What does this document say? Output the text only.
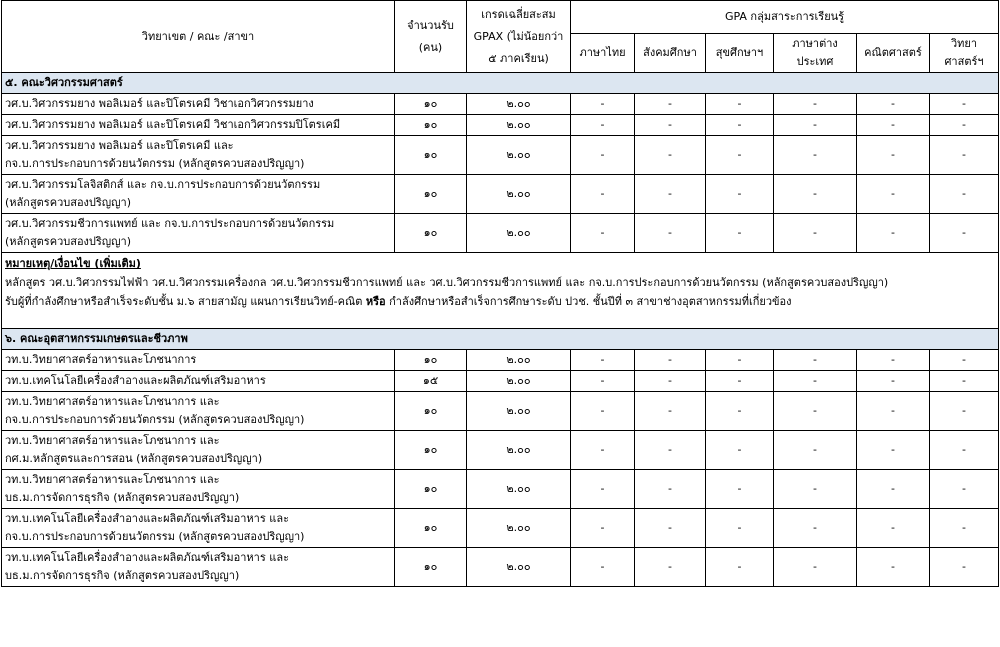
วิทยาเขต / คณะ /สาขา	จำนวนรับ (คน)	เกรดเฉลี่ยสะสม GPAX (ไม่น้อยกว่า ๕ ภาคเรียน)	GPA กลุ่มสาระการเรียนรู้					
			ภาษาไทย	สังคมศึกษา	สุขศึกษาฯ	ภาษาต่างประเทศ	คณิตศาสตร์	วิทยาศาสตร์ฯ
๕. คณะวิศวกรรมศาสตร์								

วศ.บ.วิศวกรรมยาง พอลิเมอร์ และปิโตรเคมี วิชาเอกวิศวกรรมยาง	๑๐	๒.๐๐	-	-	-	-	-	-

วศ.บ.วิศวกรรมยาง พอลิเมอร์ และปิโตรเคมี วิชาเอกวิศวกรรมปิโตรเคมี	๑๐	๒.๐๐	-	-	-	-	-	-

วศ.บ.วิศวกรรมยาง พอลิเมอร์ และปิโตรเคมี และ
กจ.บ.การประกอบการด้วยนวัตกรรม (หลักสูตรควบสองปริญญา)	๑๐	๒.๐๐	-	-	-	-	-	-

วศ.บ.วิศวกรรมโลจิสติกส์ และ กจ.บ.การประกอบการด้วยนวัตกรรม
(หลักสูตรควบสองปริญญา)	๑๐	๒.๐๐	-	-	-	-	-	-

วศ.บ.วิศวกรรมชีวการแพทย์ และ กจ.บ.การประกอบการด้วยนวัตกรรม
(หลักสูตรควบสองปริญญา)	๑๐	๒.๐๐	-	-	-	-	-	-

หมายเหตุ/เงื่อนไข (เพิ่มเติม)
หลักสูตร วศ.บ.วิศวกรรมไฟฟ้า วศ.บ.วิศวกรรมเครื่องกล วศ.บ.วิศวกรรมชีวการแพทย์ และ วศ.บ.วิศวกรรมชีวการแพทย์ และ กจ.บ.การประกอบการด้วยนวัตกรรม (หลักสูตรควบสองปริญญา)
รับผู้ที่กำลังศึกษาหรือสำเร็จระดับชั้น ม.๖ สายสามัญ แผนการเรียนวิทย์-คณิต หรือ กำลังศึกษาหรือสำเร็จการศึกษาระดับ ปวช. ชั้นปีที่ ๓ สาขาช่างอุตสาหกรรมที่เกี่ยวข้อง								

๖. คณะอุตสาหกรรมเกษตรและชีวภาพ								

วท.บ.วิทยาศาสตร์อาหารและโภชนาการ	๑๐	๒.๐๐	-	-	-	-	-	-

วท.บ.เทคโนโลยีเครื่องสำอางและผลิตภัณฑ์เสริมอาหาร	๑๕	๒.๐๐	-	-	-	-	-	-

วท.บ.วิทยาศาสตร์อาหารและโภชนาการ และ
กจ.บ.การประกอบการด้วยนวัตกรรม (หลักสูตรควบสองปริญญา)	๑๐	๒.๐๐	-	-	-	-	-	-

วท.บ.วิทยาศาสตร์อาหารและโภชนาการ และ
กศ.ม.หลักสูตรและการสอน (หลักสูตรควบสองปริญญา)	๑๐	๒.๐๐	-	-	-	-	-	-

วท.บ.วิทยาศาสตร์อาหารและโภชนาการ และ
บธ.ม.การจัดการธุรกิจ (หลักสูตรควบสองปริญญา)	๑๐	๒.๐๐	-	-	-	-	-	-

วท.บ.เทคโนโลยีเครื่องสำอางและผลิตภัณฑ์เสริมอาหาร และ
กจ.บ.การประกอบการด้วยนวัตกรรม (หลักสูตรควบสองปริญญา)	๑๐	๒.๐๐	-	-	-	-	-	-

วท.บ.เทคโนโลยีเครื่องสำอางและผลิตภัณฑ์เสริมอาหาร และ
บธ.ม.การจัดการธุรกิจ (หลักสูตรควบสองปริญญา)	๑๐	๒.๐๐	-	-	-	-	-	-
